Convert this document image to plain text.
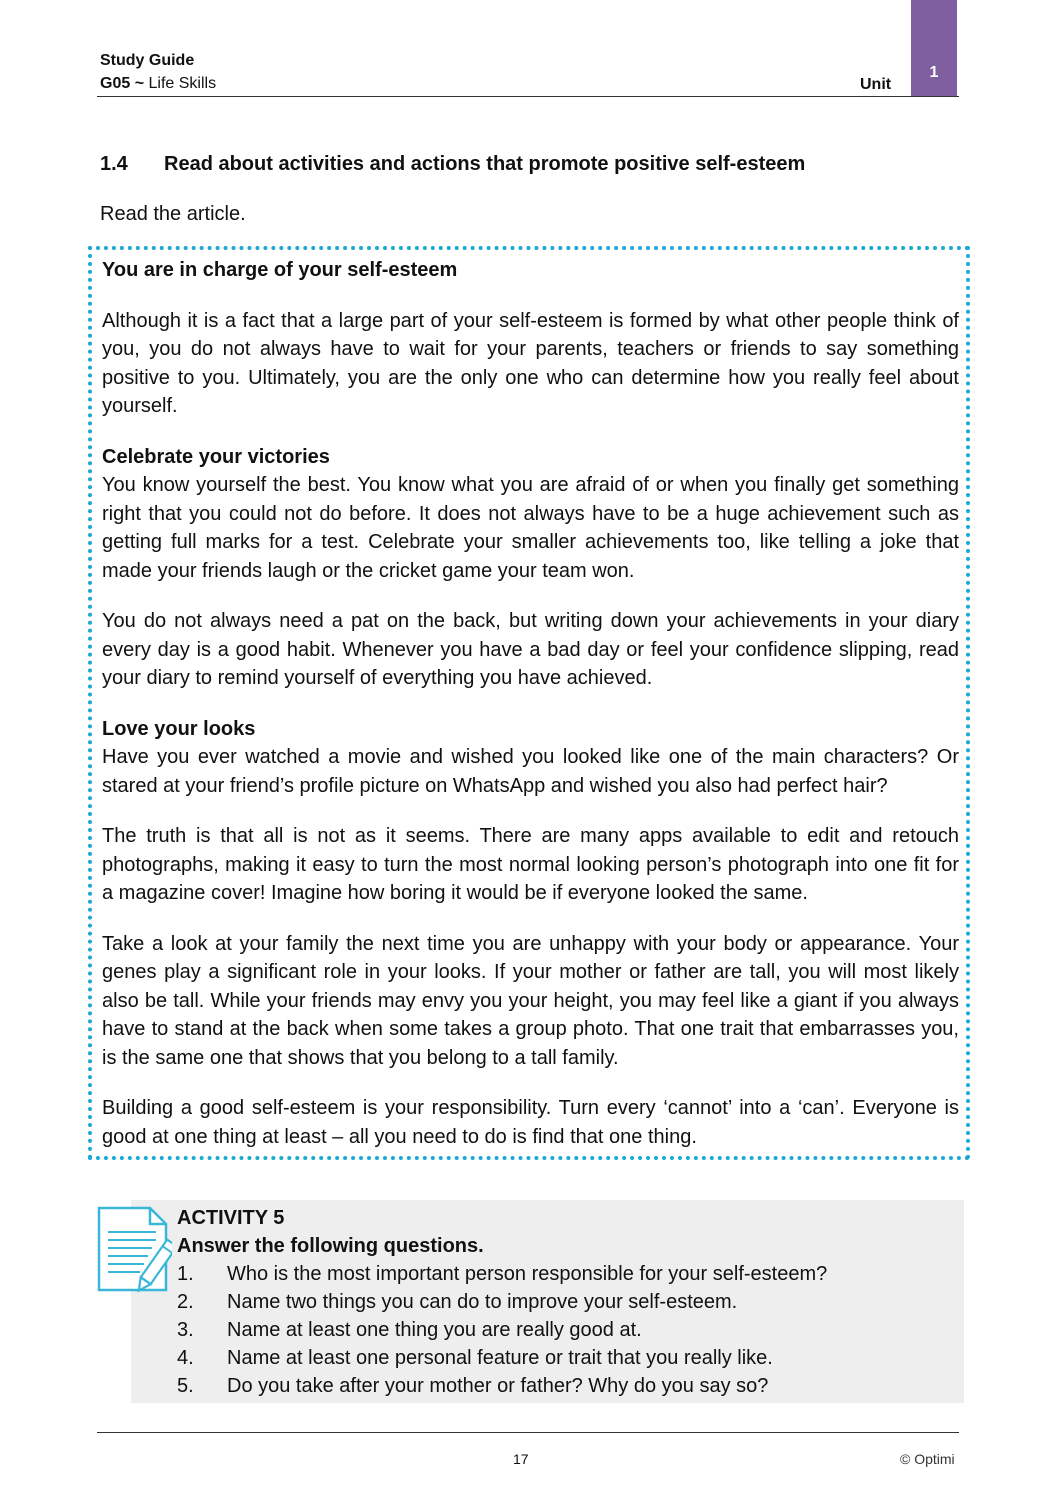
Study Guide
G05 ~ Life Skills	Unit
1
1.4 Read about activities and actions that promote positive self-esteem
Read the article.

You are in charge of your self-esteem

Although it is a fact that a large part of your self-esteem is formed by what other people think of you, you do not always have to wait for your parents, teachers or friends to say something positive to you. Ultimately, you are the only one who can determine how you really feel about yourself.

Celebrate your victories

You know yourself the best. You know what you are afraid of or when you finally get something right that you could not do before. It does not always have to be a huge achievement such as getting full marks for a test. Celebrate your smaller achievements too, like telling a joke that made your friends laugh or the cricket game your team won.

You do not always need a pat on the back, but writing down your achievements in your diary every day is a good habit. Whenever you have a bad day or feel your confidence slipping, read your diary to remind yourself of everything you have achieved.

Love your looks

Have you ever watched a movie and wished you looked like one of the main characters? Or stared at your friend’s profile picture on WhatsApp and wished you also had perfect hair?

The truth is that all is not as it seems. There are many apps available to edit and retouch photographs, making it easy to turn the most normal looking person’s photograph into one fit for a magazine cover! Imagine how boring it would be if everyone looked the same.

Take a look at your family the next time you are unhappy with your body or appearance. Your genes play a significant role in your looks. If your mother or father are tall, you will most likely also be tall. While your friends may envy you your height, you may feel like a giant if you always have to stand at the back when some takes a group photo. That one trait that embarrasses you, is the same one that shows that you belong to a tall family.

Building a good self-esteem is your responsibility. Turn every ‘cannot’ into a ‘can’. Everyone is good at one thing at least – all you need to do is find that one thing.

ACTIVITY 5
Answer the following questions.
1. Who is the most important person responsible for your self-esteem?
2. Name two things you can do to improve your self-esteem.
3. Name at least one thing you are really good at.
4. Name at least one personal feature or trait that you really like.
5. Do you take after your mother or father? Why do you say so?
17	© Optimi
